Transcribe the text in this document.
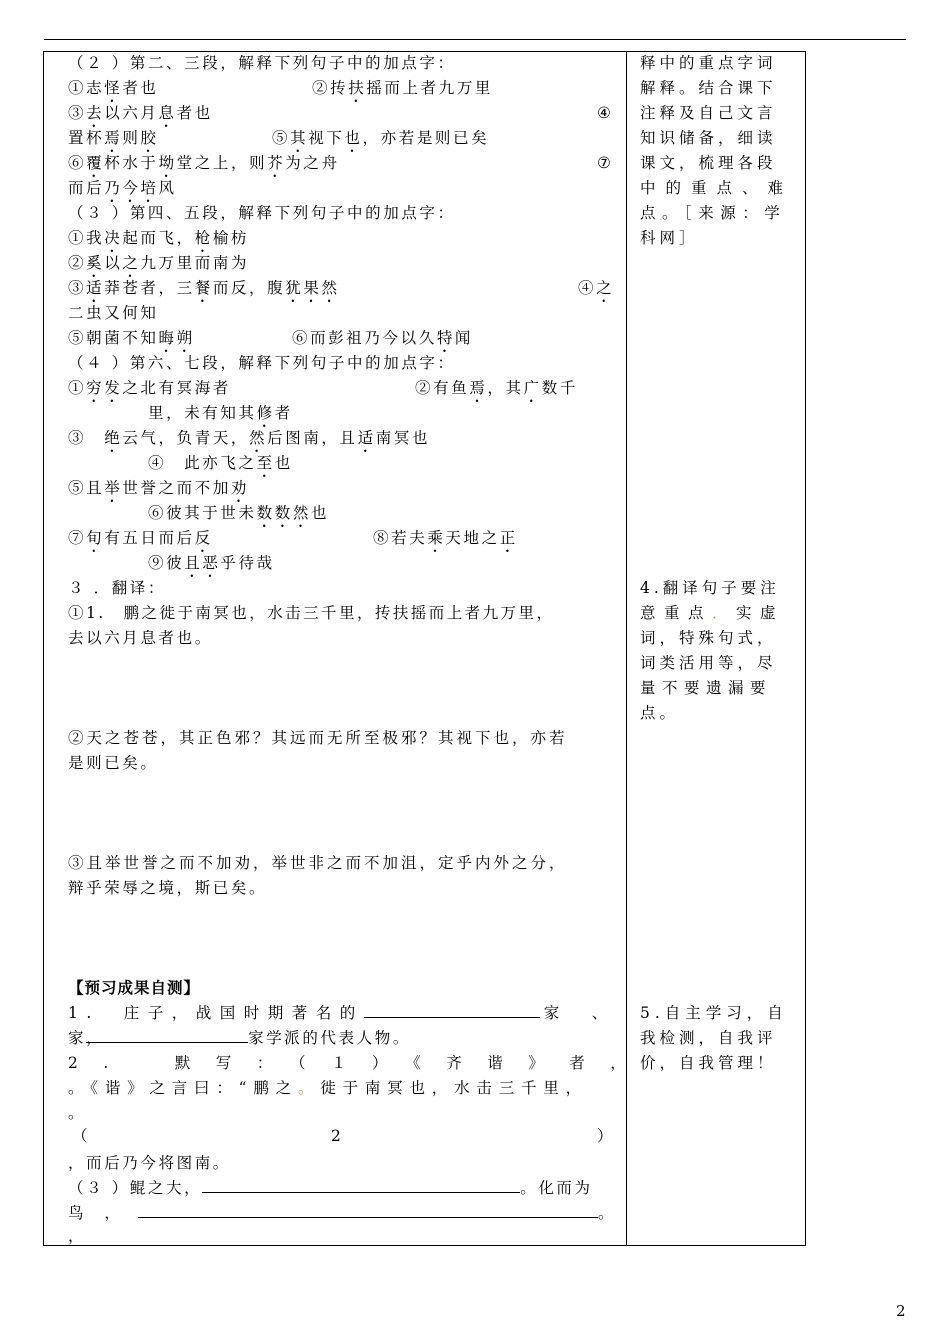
（２ ）第二、三段，解释下列句子中的加点字：
①志怪者也	②抟扶摇而上者九万里
③去以六月息者也	④
置杯焉则胶	⑤其视下也，亦若是则已矣
⑥覆杯水于坳堂之上，则芥为之舟	⑦
而后乃今培风
（３ ）第四、五段，解释下列句子中的加点字：
①我决起而飞，枪榆枋
②奚以之九万里而南为
③适莽苍者，三餐而反，腹犹果然	④之
二虫又何知
⑤朝菌不知晦朔	⑥而彭祖乃今以久特闻
（４ ）第六、七段，解释下列句子中的加点字：
①穷发之北有冥海者	②有鱼焉，其广数千
里，未有知其修者
③　绝云气，负青天，然后图南，且适南冥也
④　此亦飞之至也
⑤且举世誉之而不加劝
⑥彼其于世未数数然也
⑦旬有五日而后反	⑧若夫乘天地之正
⑨彼且恶乎待哉
３ ．翻译：
①1.　鹏之徙于南冥也，水击三千里，抟扶摇而上者九万里，
去以六月息者也。
②天之苍苍，其正色邪？其远而无所至极邪？其视下也，亦若
是则已矣。
③且举世誉之而不加劝，举世非之而不加沮，定乎内外之分，
辩乎荣辱之境，斯已矣。
【预习成果自测】
1.　庄子，战国时期著名的	家　、
家，	家学派的代表人物。
2.　默写：（１）《齐谐》者，
。《谐》之言曰：“鹏之。徙于南冥也，水击三千里，
。
（	2	）
，而后乃今将图南。
（３ ）鲲之大，	。化而为
鸟 ，	。
，
释中的重点字词
解释。结合课下
注释及自己文言
知识储备，细读
课文，梳理各段
中的重点、难
点。［来源：学
科网］
4.翻译句子要注
意重点．实虚
词，特殊句式，
词类活用等，尽
量不要遗漏要
点。
5.自主学习，自
我检测，自我评
价，自我管理！
2
